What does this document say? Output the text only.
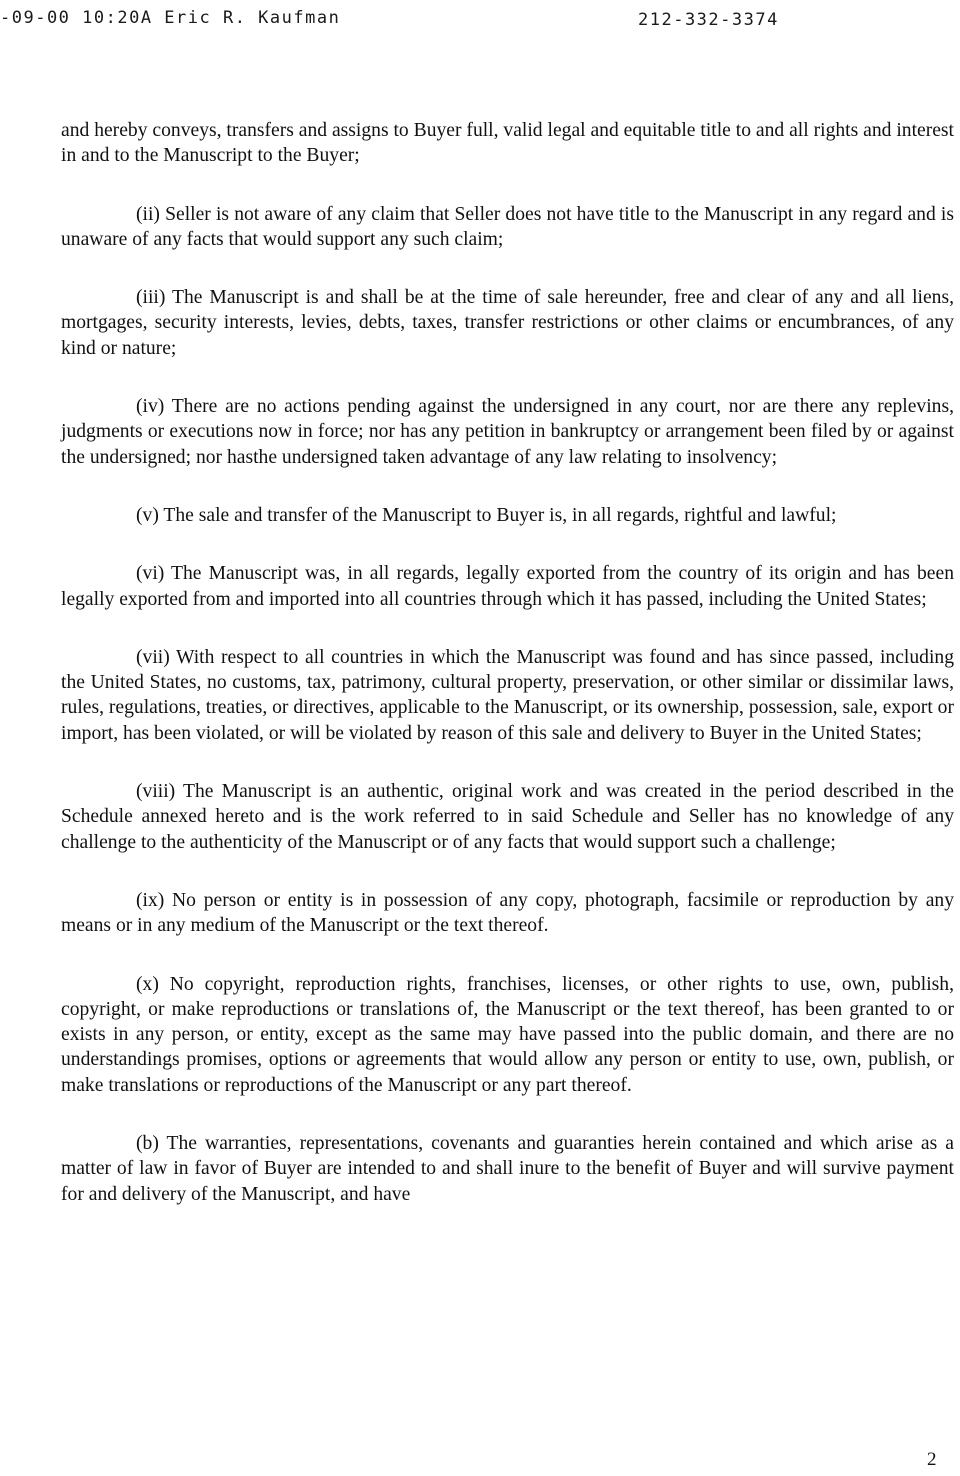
-09-00 10:20A Eric R. Kaufman	212-332-3374

and hereby conveys, transfers and assigns to Buyer full, valid legal and equitable title to and all rights and interest in and to the Manuscript to the Buyer;

(ii) Seller is not aware of any claim that Seller does not have title to the Manuscript in any regard and is unaware of any facts that would support any such claim;

(iii) The Manuscript is and shall be at the time of sale hereunder, free and clear of any and all liens, mortgages, security interests, levies, debts, taxes, transfer restrictions or other claims or encumbrances, of any kind or nature;

(iv) There are no actions pending against the undersigned in any court, nor are there any replevins, judgments or executions now in force; nor has any petition in bankruptcy or arrangement been filed by or against the undersigned; nor hasthe undersigned taken advantage of any law relating to insolvency;

(v) The sale and transfer of the Manuscript to Buyer is, in all regards, rightful and lawful;

(vi) The Manuscript was, in all regards, legally exported from the country of its origin and has been legally exported from and imported into all countries through which it has passed, including the United States;

(vii) With respect to all countries in which the Manuscript was found and has since passed, including the United States, no customs, tax, patrimony, cultural property, preservation, or other similar or dissimilar laws, rules, regulations, treaties, or directives, applicable to the Manuscript, or its ownership, possession, sale, export or import, has been violated, or will be violated by reason of this sale and delivery to Buyer in the United States;

(viii) The Manuscript is an authentic, original work and was created in the period described in the Schedule annexed hereto and is the work referred to in said Schedule and Seller has no knowledge of any challenge to the authenticity of the Manuscript or of any facts that would support such a challenge;

(ix) No person or entity is in possession of any copy, photograph, facsimile or reproduction by any means or in any medium of the Manuscript or the text thereof.

(x) No copyright, reproduction rights, franchises, licenses, or other rights to use, own, publish, copyright, or make reproductions or translations of, the Manuscript or the text thereof, has been granted to or exists in any person, or entity, except as the same may have passed into the public domain, and there are no understandings promises, options or agreements that would allow any person or entity to use, own, publish, or make translations or reproductions of the Manuscript or any part thereof.

(b) The warranties, representations, covenants and guaranties herein contained and which arise as a matter of law in favor of Buyer are intended to and shall inure to the benefit of Buyer and will survive payment for and delivery of the Manuscript, and have

2
